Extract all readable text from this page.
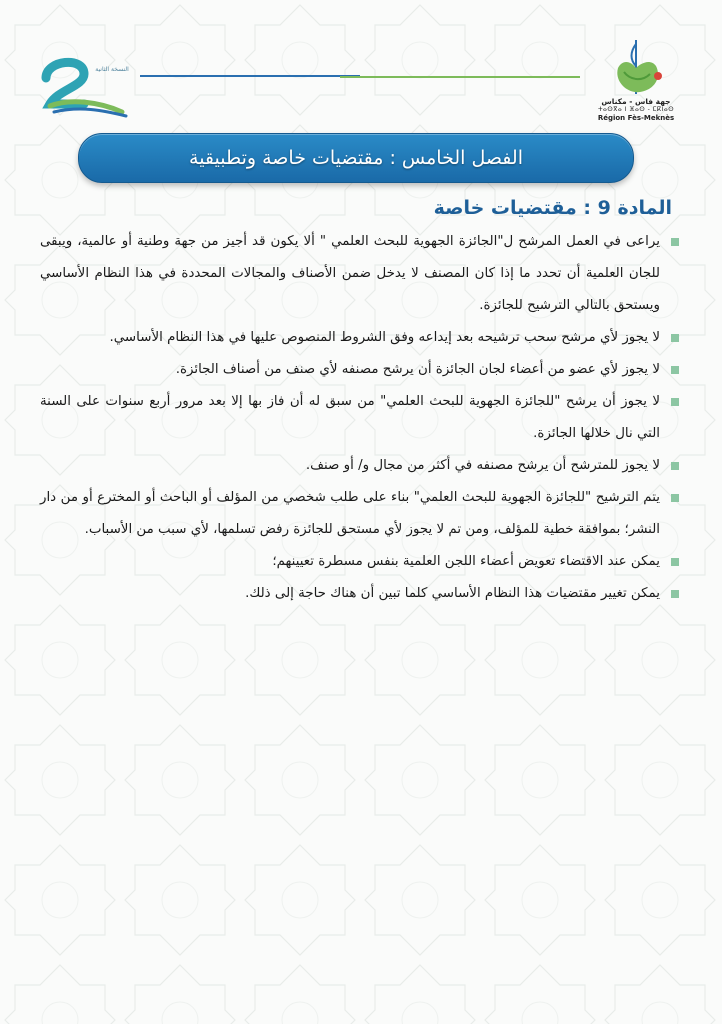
النسخة الثانية
جهة فاس - مكناس
ⵜⴰⵙⴳⴰ ⵏ ⴼⴰⵙ - ⵎⴽⵏⴰⵙ
Région Fès-Meknès
الفصل الخامس : مقتضيات خاصة وتطبيقية
المادة 9 : مقتضيات خاصة

يراعى في العمل المرشح ل"الجائزة الجهوية للبحث العلمي " ألا يكون قد أجيز من جهة وطنية أو عالمية، ويبقى للجان العلمية أن تحدد ما إذا كان المصنف لا يدخل ضمن الأصناف والمجالات المحددة في هذا النظام الأساسي ويستحق بالتالي الترشيح للجائزة.

لا يجوز لأي مرشح سحب ترشيحه بعد إيداعه وفق الشروط المنصوص عليها في هذا النظام الأساسي.

لا يجوز لأي عضو من أعضاء لجان الجائزة أن يرشح مصنفه لأي صنف من أصناف الجائزة.

لا يجوز أن يرشح "للجائزة الجهوية للبحث العلمي" من سبق له أن فاز بها إلا بعد مرور أربع سنوات على السنة التي نال خلالها الجائزة.

لا يجوز للمترشح أن يرشح مصنفه في أكثر من مجال و/ أو صنف.

يتم الترشيح "للجائزة الجهوية للبحث العلمي" بناء على طلب شخصي من المؤلف أو الباحث أو المخترع أو من دار النشر؛ بموافقة خطية للمؤلف، ومن تم لا يجوز لأي مستحق للجائزة رفض تسلمها، لأي سبب من الأسباب.

يمكن عند الاقتضاء تعويض أعضاء اللجن العلمية بنفس مسطرة تعيينهم؛

يمكن تغيير مقتضيات هذا النظام الأساسي كلما تبين أن هناك حاجة إلى ذلك.
